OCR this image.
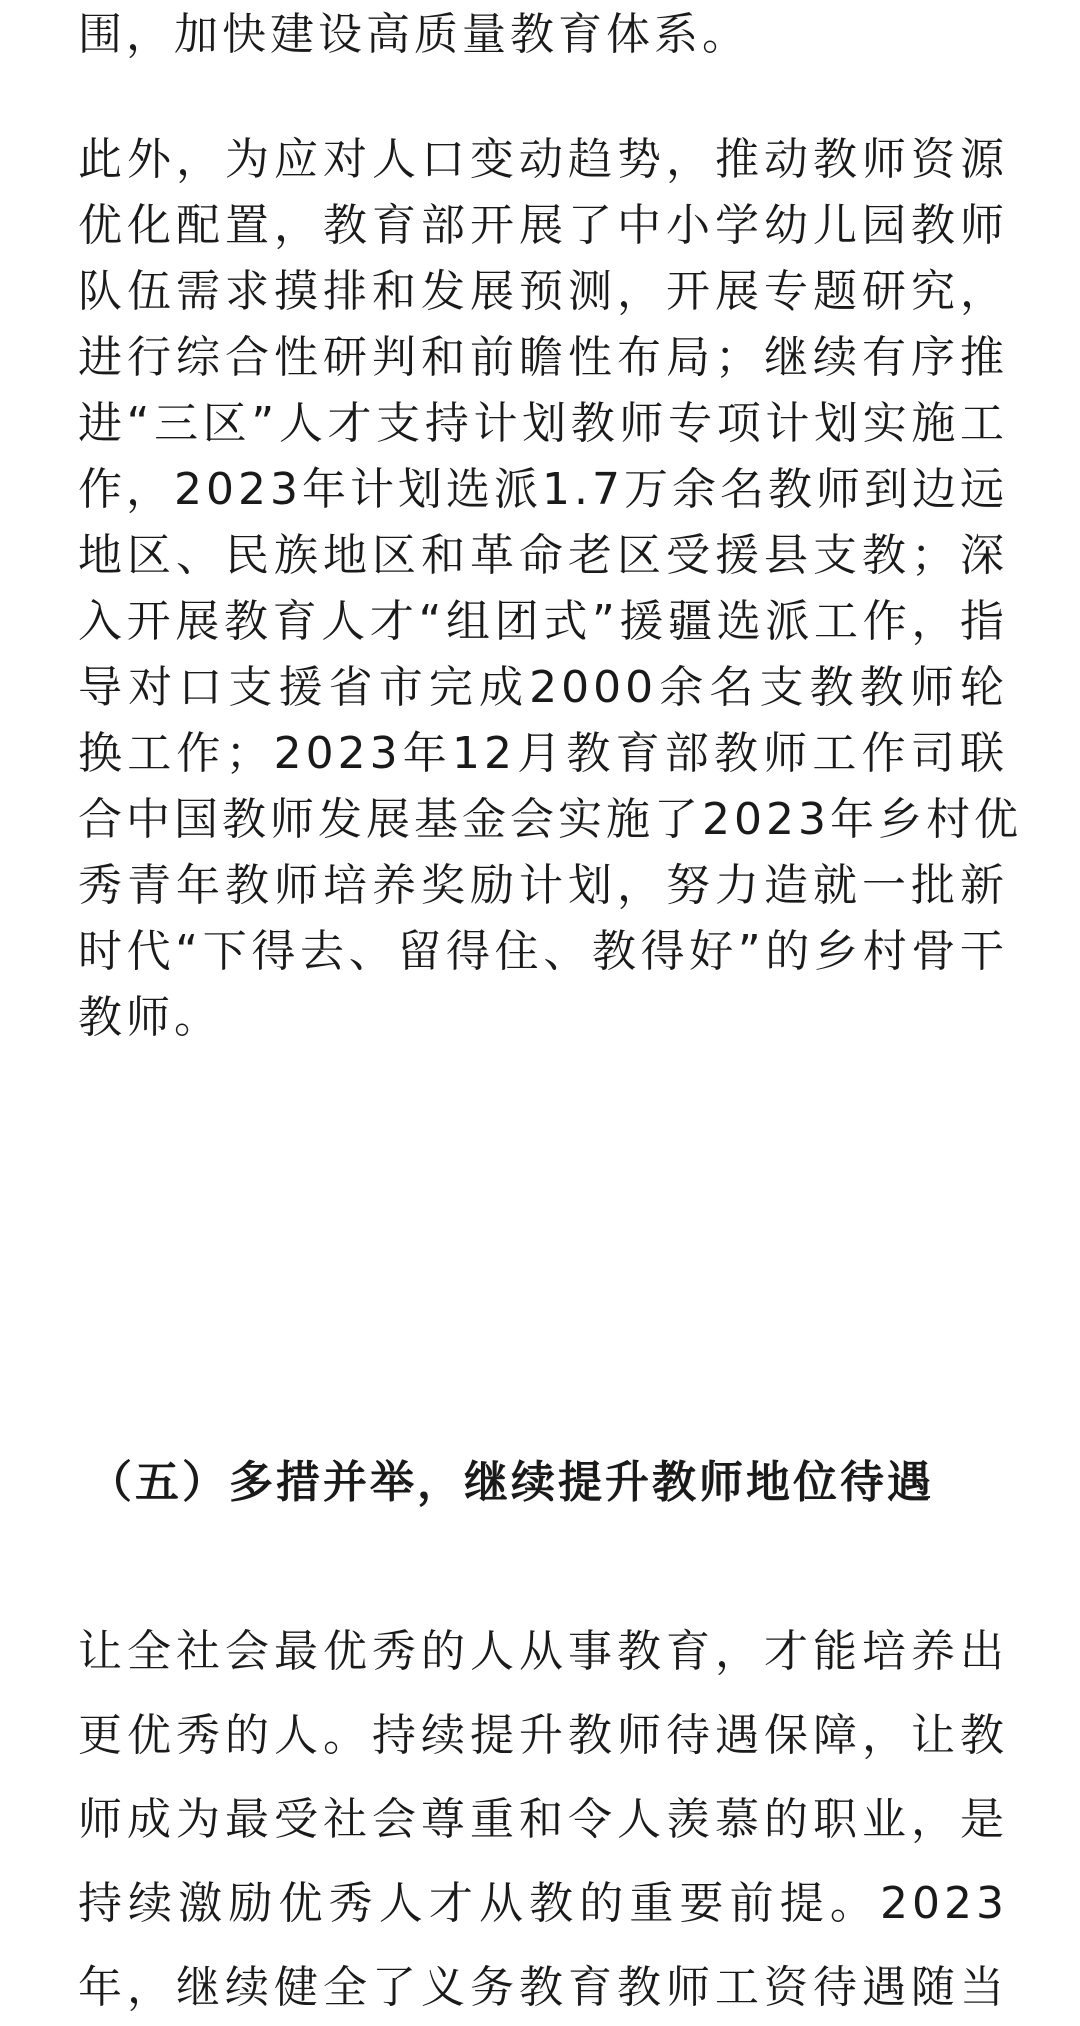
围，加快建设高质量教育体系。
此外，为应对人口变动趋势，推动教师资源
优化配置，教育部开展了中小学幼儿园教师
队伍需求摸排和发展预测，开展专题研究，
进行综合性研判和前瞻性布局；继续有序推
进“三区”人才支持计划教师专项计划实施工
作，2023年计划选派1.7万余名教师到边远
地区、民族地区和革命老区受援县支教；深
入开展教育人才“组团式”援疆选派工作，指
导对口支援省市完成2000余名支教教师轮
换工作；2023年12月教育部教师工作司联
合中国教师发展基金会实施了2023年乡村优
秀青年教师培养奖励计划，努力造就一批新
时代“下得去、留得住、教得好”的乡村骨干
教师。
（五）多措并举，继续提升教师地位待遇
让全社会最优秀的人从事教育，才能培养出
更优秀的人。持续提升教师待遇保障，让教
师成为最受社会尊重和令人羡慕的职业，是
持续激励优秀人才从教的重要前提。2023
年，继续健全了义务教育教师工资待遇随当
